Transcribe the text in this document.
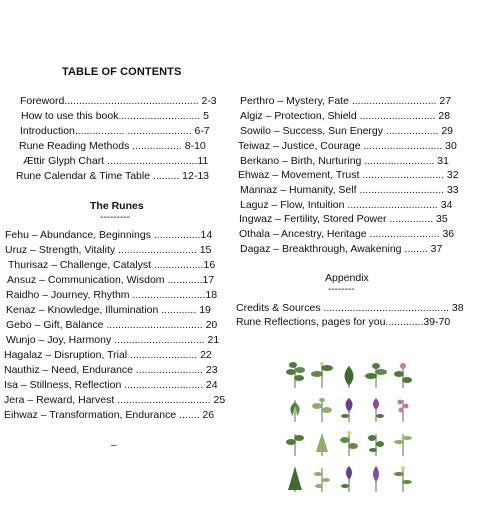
TABLE OF CONTENTS
Foreword.............................................. 2-3
How to use this book............................ 5
Introduction................. ...................... 6-7
Rune Reading Methods ................. 8-10
Ættir Glyph Chart ...............................11
Rune Calendar & Time Table ......... 12-13
The Runes
---------
Fehu – Abundance, Beginnings ................14
Uruz – Strength, Vitality ........................... 15
Thurisaz – Challenge, Catalyst .................16
Ansuz – Communication, Wisdom ............17
Raidho – Journey, Rhythm .........................18
Kenaz – Knowledge, Illumination ............ 19
Gebo – Gift, Balance ................................. 20
Wunjo – Joy, Harmony ............................... 21
Hagalaz – Disruption, Trial ....................... 22
Nauthiz – Need, Endurance ....................... 23
Isa – Stillness, Reflection ........................... 24
Jera – Reward, Harvest ................................ 25
Eihwaz – Transformation, Endurance ....... 26
–
Perthro – Mystery, Fate ............................. 27
Algiz – Protection, Shield .......................... 28
Sowilo – Success, Sun Energy .................. 29
Teiwaz – Justice, Courage ........................... 30
Berkano – Birth, Nurturing ........................ 31
Ehwaz – Movement, Trust ............................ 32
Mannaz – Humanity, Self ............................. 33
Laguz – Flow, Intuition ............................... 34
Ingwaz – Fertility, Stored Power ............... 35
Othala – Ancestry, Heritage ........................ 36
Dagaz – Breakthrough, Awakening ........ 37
Appendix
--------
Credits & Sources ........................................... 38
Rune Reflections, pages for you.............39-70
